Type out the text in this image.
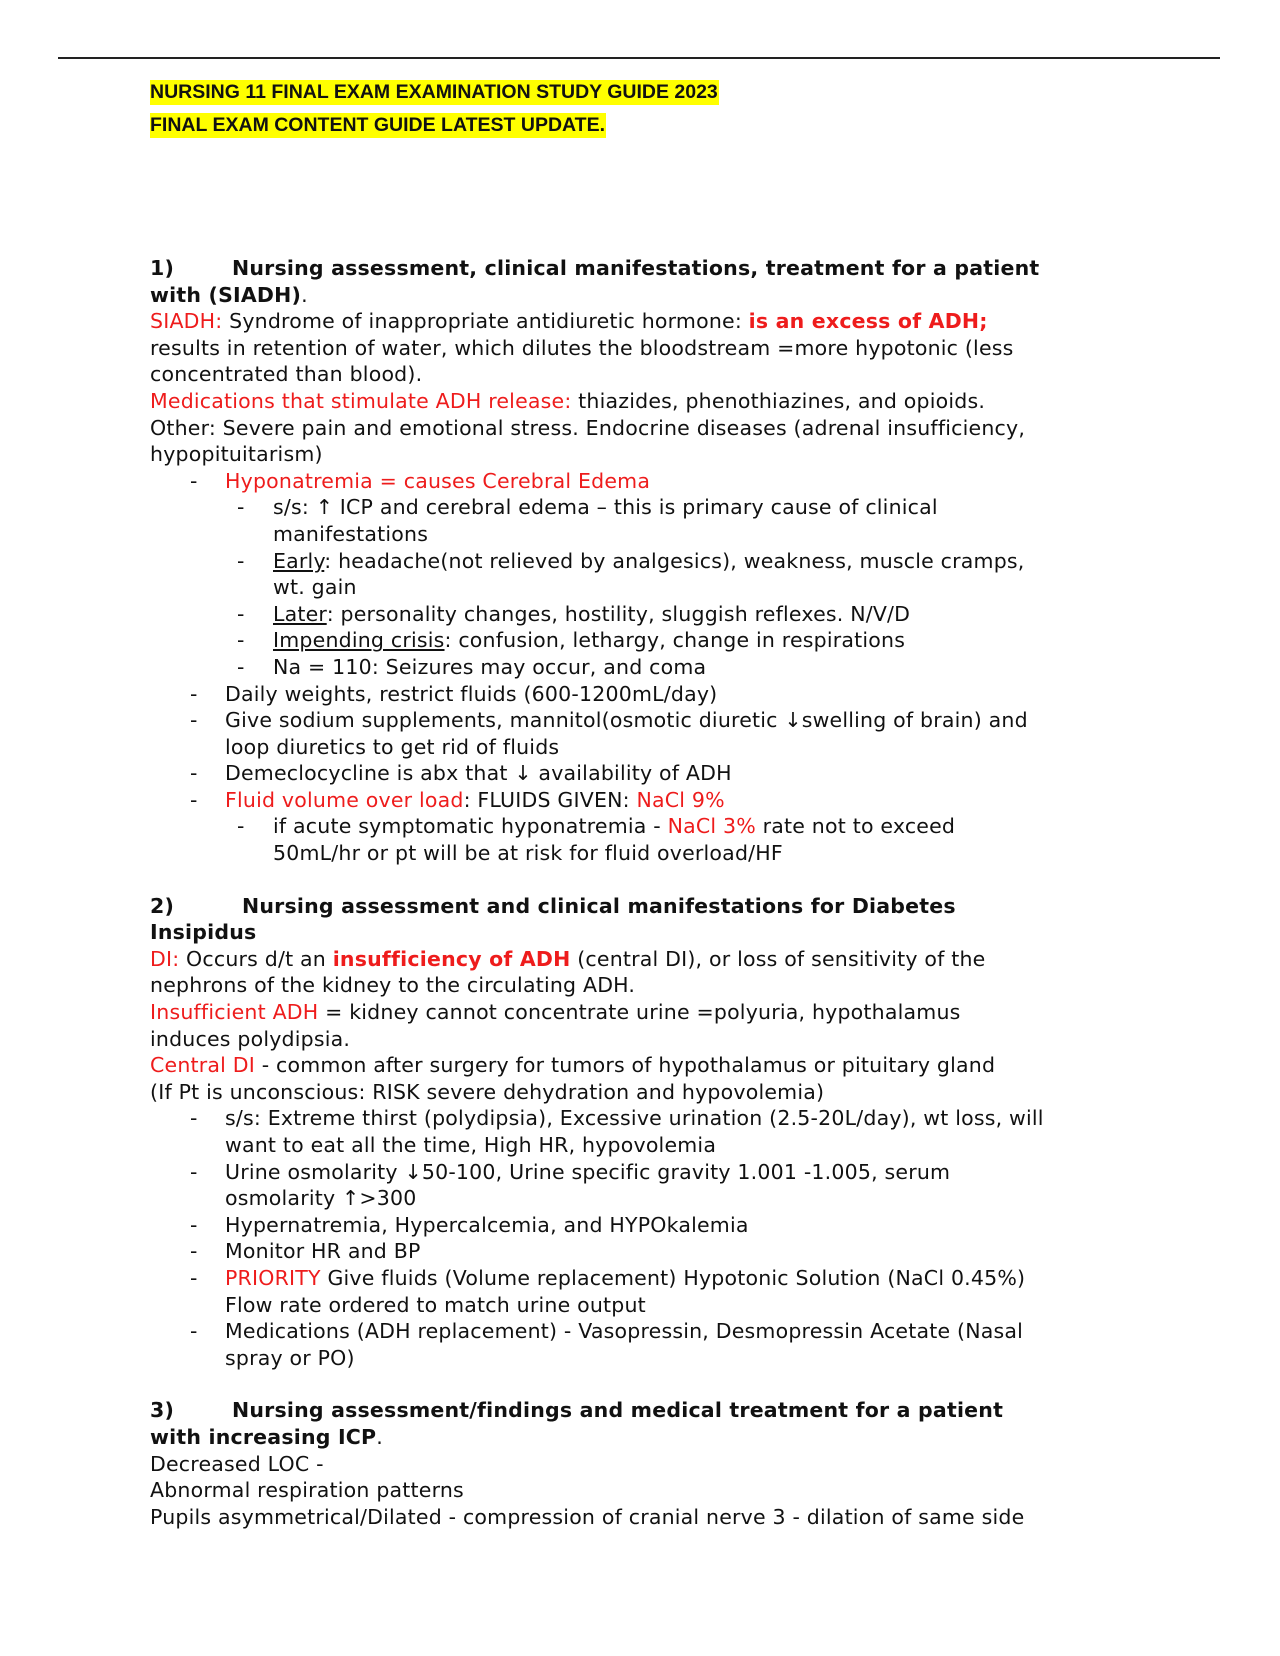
NURSING 11 FINAL EXAM EXAMINATION STUDY GUIDE 2023
FINAL EXAM CONTENT GUIDE LATEST UPDATE.
1)	Nursing assessment, clinical manifestations, treatment for a patient
with (SIADH).
SIADH: Syndrome of inappropriate antidiuretic hormone: is an excess of ADH;
results in retention of water, which dilutes the bloodstream =more hypotonic (less
concentrated than blood).
Medications that stimulate ADH release: thiazides, phenothiazines, and opioids.
Other: Severe pain and emotional stress. Endocrine diseases (adrenal insufficiency,
hypopituitarism)
- Hyponatremia = causes Cerebral Edema
- s/s: ↑ ICP and cerebral edema – this is primary cause of clinical
manifestations
- Early: headache(not relieved by analgesics), weakness, muscle cramps,
wt. gain
- Later: personality changes, hostility, sluggish reflexes. N/V/D
- Impending crisis: confusion, lethargy, change in respirations
- Na = 110: Seizures may occur, and coma
- Daily weights, restrict fluids (600-1200mL/day)
- Give sodium supplements, mannitol(osmotic diuretic ↓swelling of brain) and
loop diuretics to get rid of fluids
- Demeclocycline is abx that ↓ availability of ADH
- Fluid volume over load: FLUIDS GIVEN: NaCl 9%
- if acute symptomatic hyponatremia - NaCl 3% rate not to exceed
50mL/hr or pt will be at risk for fluid overload/HF
2)	Nursing assessment and clinical manifestations for Diabetes
Insipidus
DI: Occurs d/t an insufficiency of ADH (central DI), or loss of sensitivity of the
nephrons of the kidney to the circulating ADH.
Insufficient ADH = kidney cannot concentrate urine =polyuria, hypothalamus
induces polydipsia.
Central DI - common after surgery for tumors of hypothalamus or pituitary gland
(If Pt is unconscious: RISK severe dehydration and hypovolemia)
- s/s: Extreme thirst (polydipsia), Excessive urination (2.5-20L/day), wt loss, will
want to eat all the time, High HR, hypovolemia
- Urine osmolarity ↓50-100, Urine specific gravity 1.001 -1.005, serum
osmolarity ↑>300
- Hypernatremia, Hypercalcemia, and HYPOkalemia
- Monitor HR and BP
- PRIORITY Give fluids (Volume replacement) Hypotonic Solution (NaCl 0.45%)
Flow rate ordered to match urine output
- Medications (ADH replacement) - Vasopressin, Desmopressin Acetate (Nasal
spray or PO)
3)	Nursing assessment/findings and medical treatment for a patient
with increasing ICP.
Decreased LOC -
Abnormal respiration patterns
Pupils asymmetrical/Dilated - compression of cranial nerve 3 - dilation of same side
